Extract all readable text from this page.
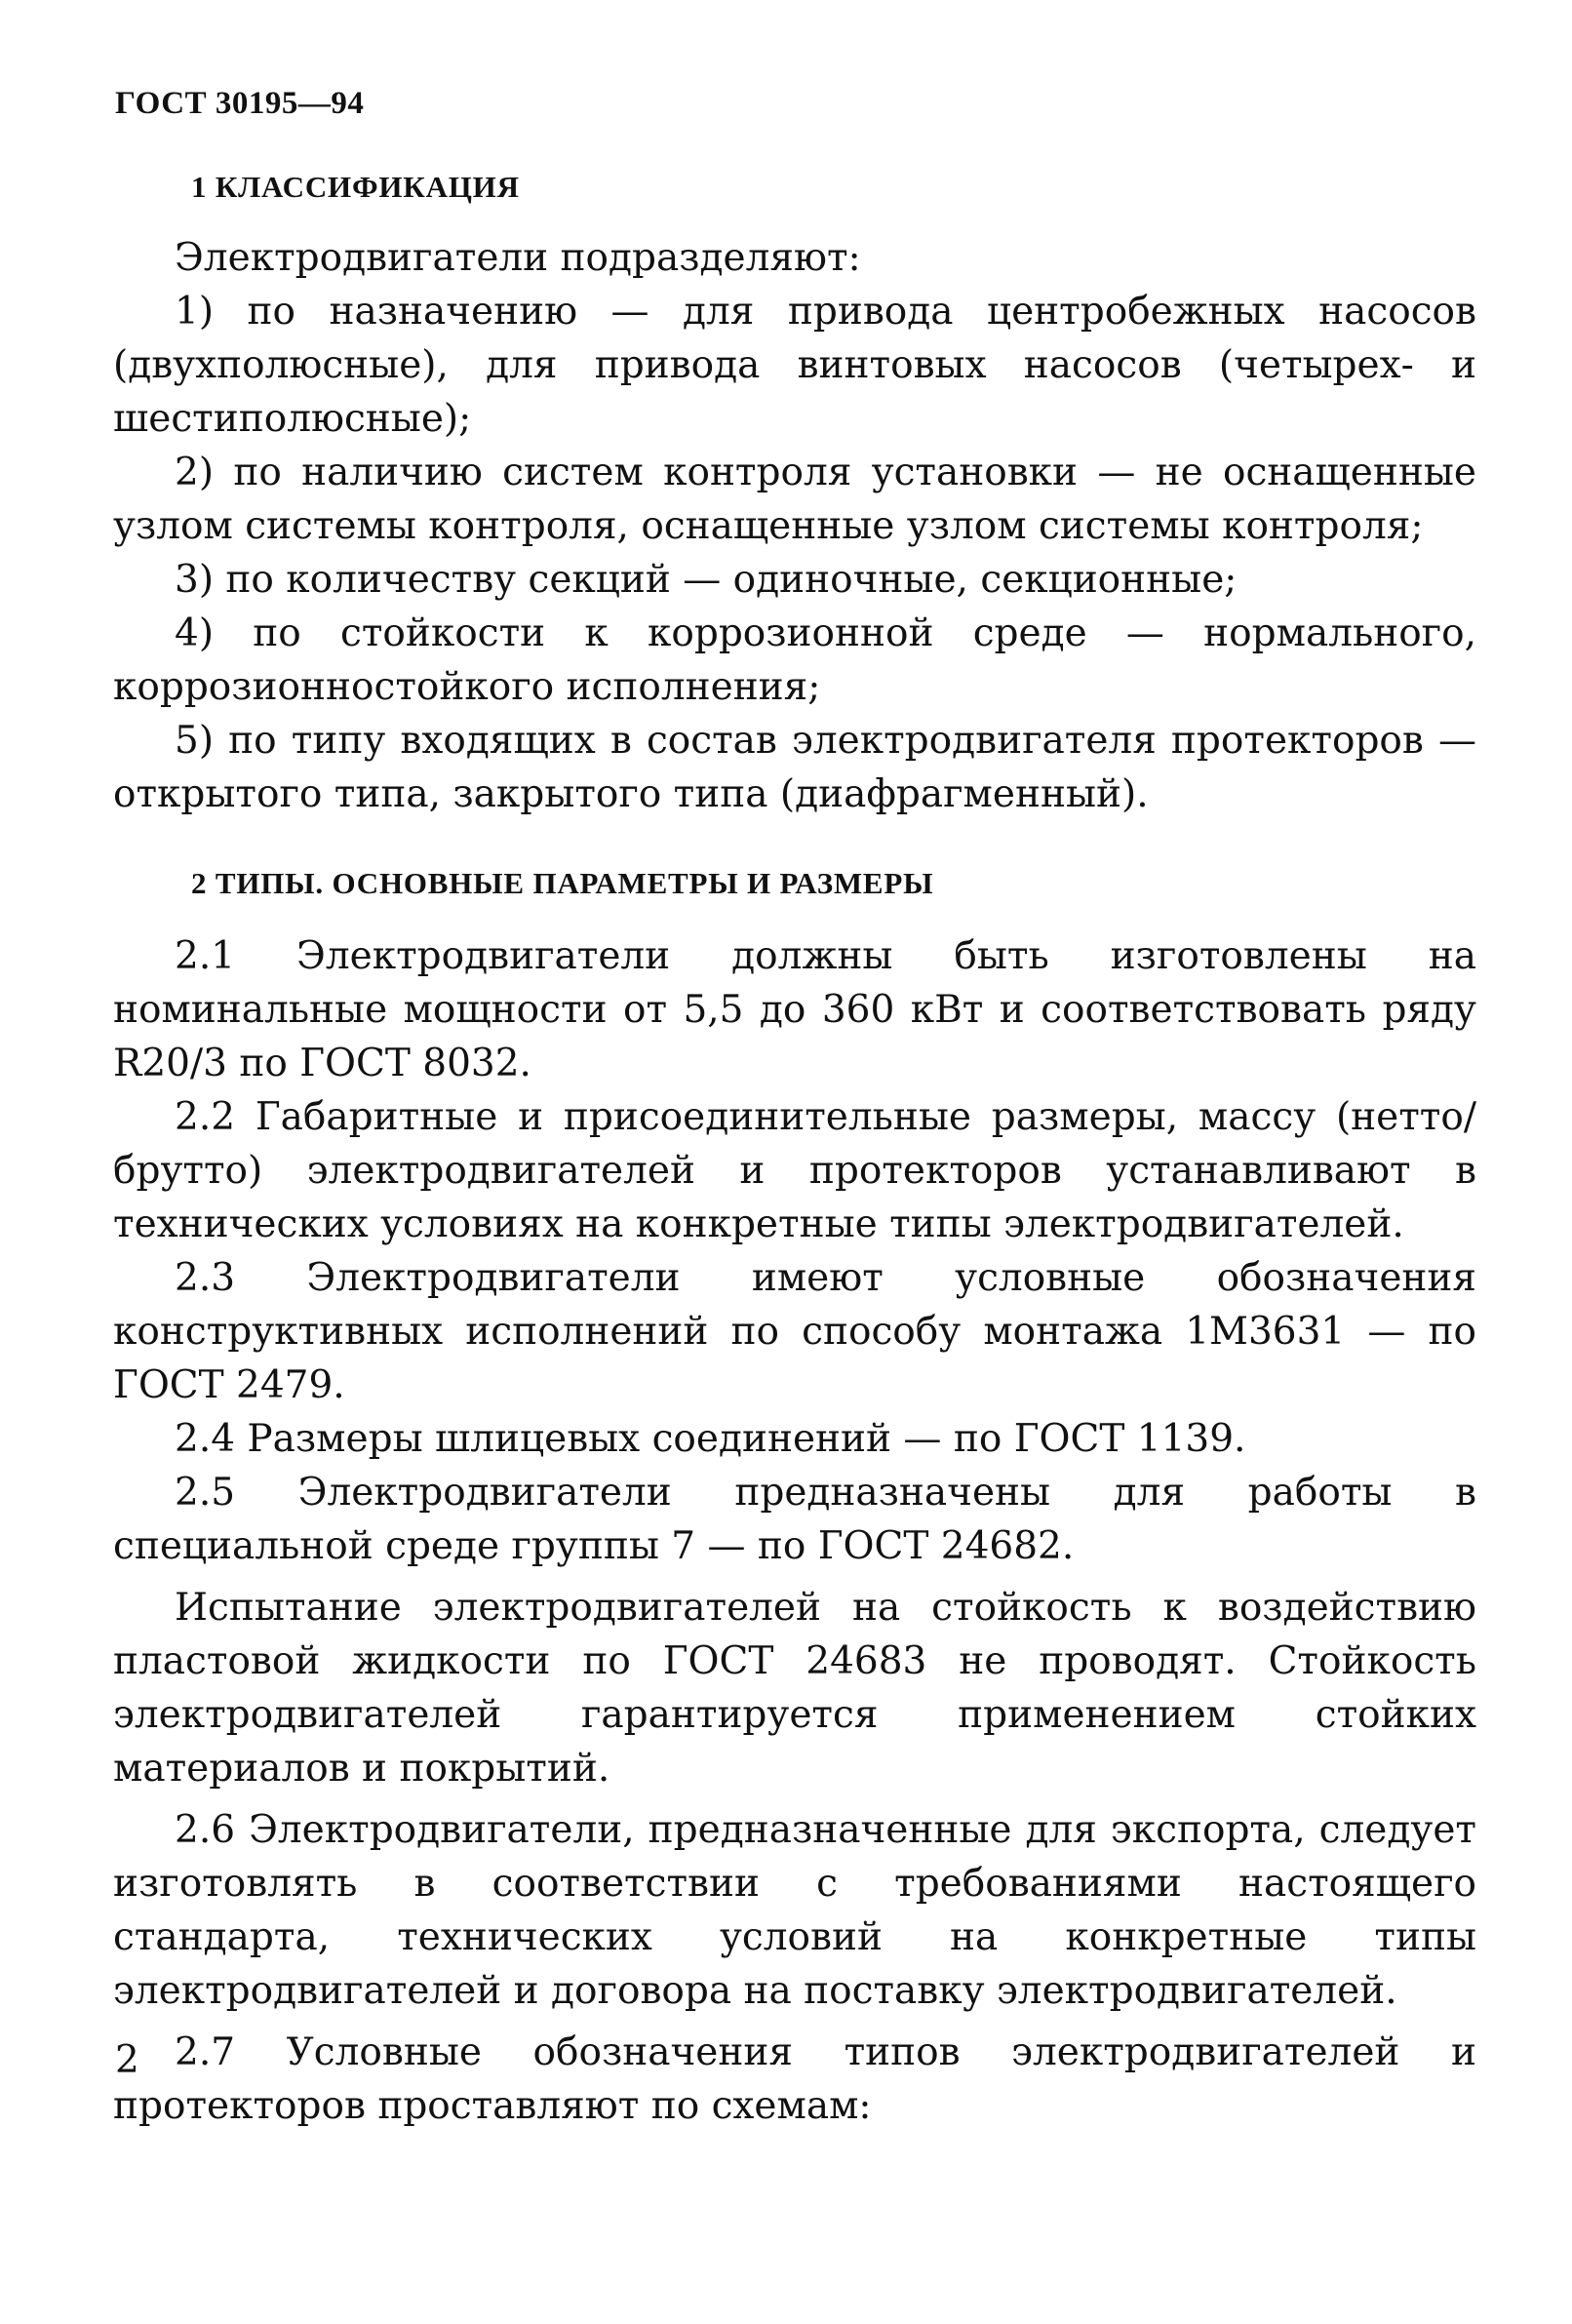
ГОСТ 30195—94
1 КЛАССИФИКАЦИЯ

Электродвигатели подразделяют:

1) по назначению — для привода центробежных насосов (двухполюсные), для привода винтовых насосов (четырех- и шестиполюсные);

2) по наличию систем контроля установки — не оснащенные узлом системы контроля, оснащенные узлом системы контроля;

3) по количеству секций — одиночные, секционные;

4) по стойкости к коррозионной среде — нормального, коррозионностойкого исполнения;

5) по типу входящих в состав электродвигателя протекторов — открытого типа, закрытого типа (диафрагменный).

2 ТИПЫ. ОСНОВНЫЕ ПАРАМЕТРЫ И РАЗМЕРЫ

2.1 Электродвигатели должны быть изготовлены на номинальные мощности от 5,5 до 360 кВт и соответствовать ряду R20/3 по ГОСТ 8032.

2.2 Габаритные и присоединительные размеры, массу (нетто/брутто) электродвигателей и протекторов устанавливают в технических условиях на конкретные типы электродвигателей.

2.3 Электродвигатели имеют условные обозначения конструктивных исполнений по способу монтажа 1М3631 — по ГОСТ 2479.

2.4 Размеры шлицевых соединений — по ГОСТ 1139.

2.5 Электродвигатели предназначены для работы в специальной среде группы 7 — по ГОСТ 24682.

Испытание электродвигателей на стойкость к воздействию пластовой жидкости по ГОСТ 24683 не проводят. Стойкость электродвигателей гарантируется применением стойких материалов и покрытий.

2.6 Электродвигатели, предназначенные для экспорта, следует изготовлять в соответствии с требованиями настоящего стандарта, технических условий на конкретные типы электродвигателей и договора на поставку электродвигателей.

2.7 Условные обозначения типов электродвигателей и протекторов проставляют по схемам:

2
